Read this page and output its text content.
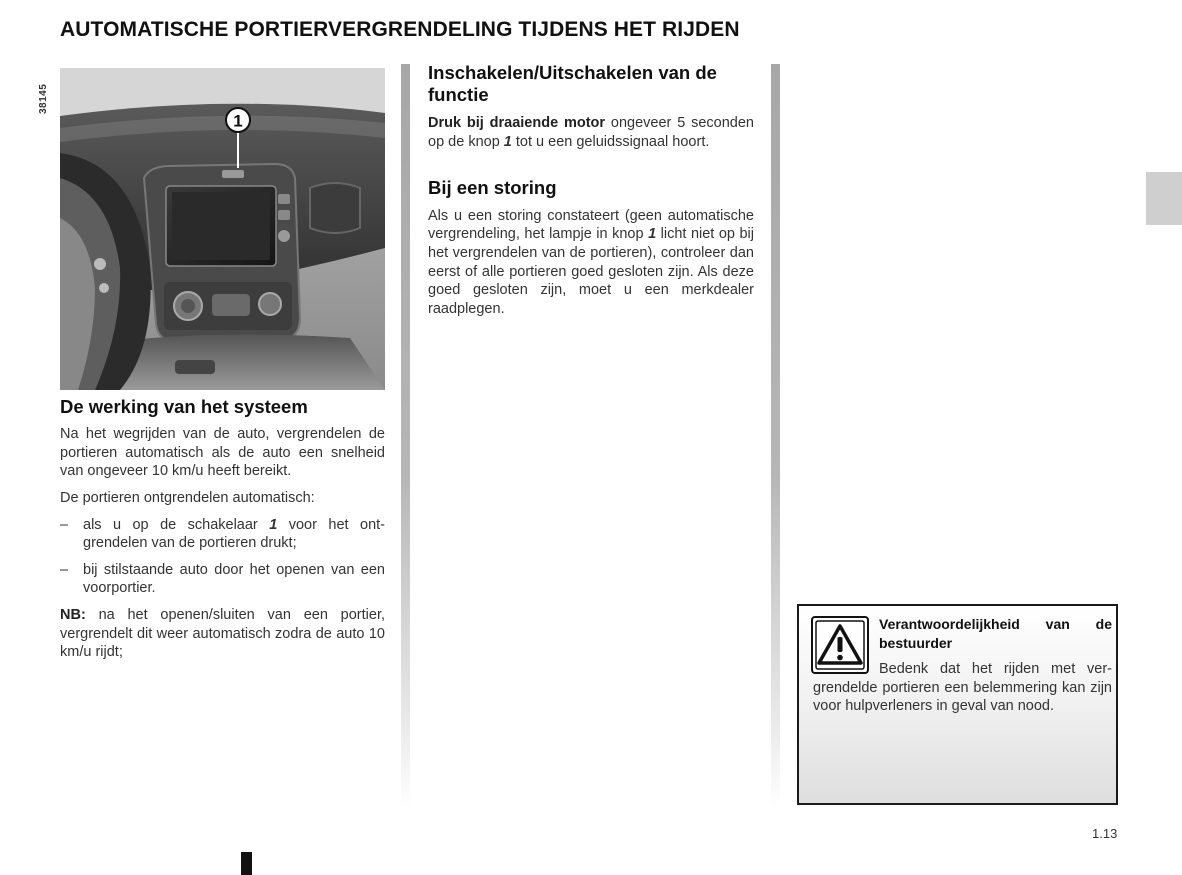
AUTOMATISCHE PORTIERVERGRENDELING TIJDENS HET RIJDEN
38145
1
De werking van het systeem

Na het wegrijden van de auto, vergrendelen de portieren automatisch als de auto een snelheid van ongeveer 10 km/u heeft bereikt.

De portieren ontgrendelen automatisch:

– als u op de schakelaar 1 voor het ontgrendelen van de portieren drukt;
– bij stilstaande auto door het openen van een voorportier.

NB: na het openen/sluiten van een portier, vergrendelt dit weer automatisch zodra de auto 10 km/u rijdt;

Inschakelen/Uitschakelen van de functie

Druk bij draaiende motor ongeveer 5 seconden op de knop 1 tot u een geluidssignaal hoort.

Bij een storing

Als u een storing constateert (geen automatische vergrendeling, het lampje in knop 1 licht niet op bij het vergrendelen van de portieren), controleer dan eerst of alle portieren goed gesloten zijn. Als deze goed gesloten zijn, moet u een merkdealer raadplegen.

Verantwoordelijkheid van de bestuurder

Bedenk dat het rijden met vergrendelde portieren een belemmering kan zijn voor hulpverleners in geval van nood.

1.13
